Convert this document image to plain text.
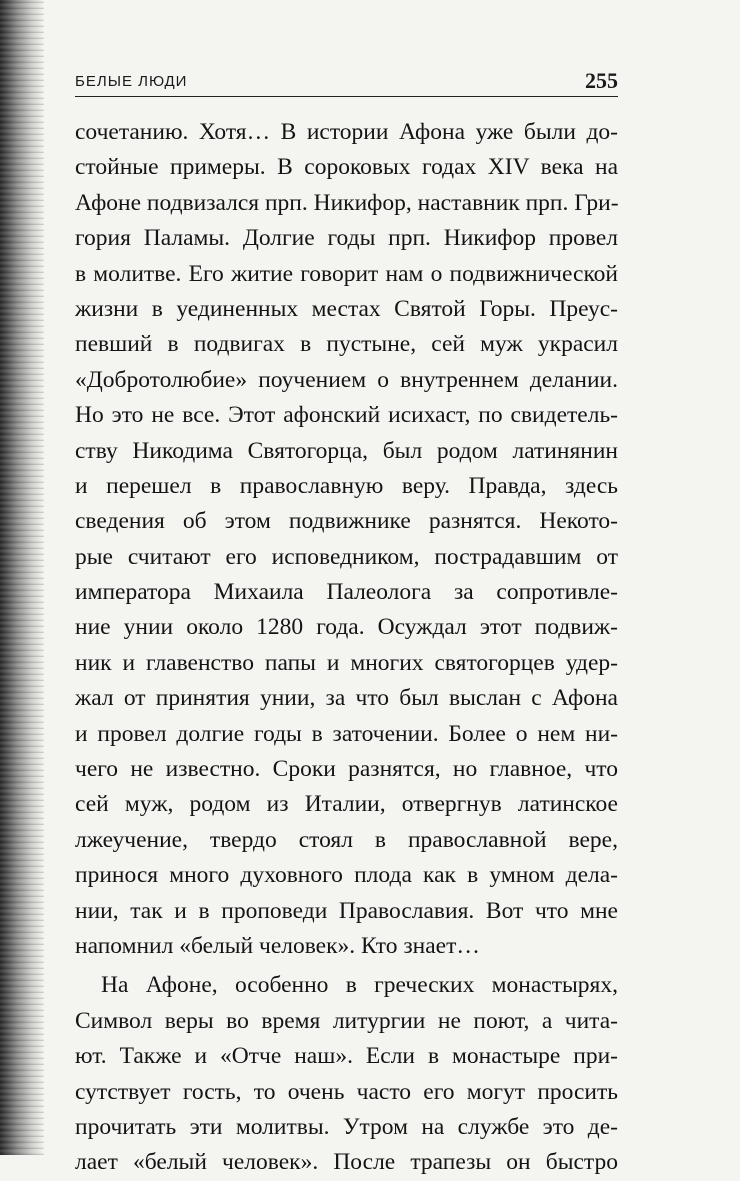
БЕЛЫЕ ЛЮДИ	255
сочетанию. Хотя… В истории Афона уже были до-
стойные примеры. В сороковых годах XIV века на
Афоне подвизался прп. Никифор, наставник прп. Гри-
гория Паламы. Долгие годы прп. Никифор провел
в молитве. Его житие говорит нам о подвижнической
жизни в уединенных местах Святой Горы. Преус-
певший в подвигах в пустыне, сей муж украсил
«Добротолюбие» поучением о внутреннем делании.
Но это не все. Этот афонский исихаст, по свидетель-
ству Никодима Святогорца, был родом латинянин
и перешел в православную веру. Правда, здесь
сведения об этом подвижнике разнятся. Некото-
рые считают его исповедником, пострадавшим от
императора Михаила Палеолога за сопротивле-
ние унии около 1280 года. Осуждал этот подвиж-
ник и главенство папы и многих святогорцев удер-
жал от принятия унии, за что был выслан с Афона
и провел долгие годы в заточении. Более о нем ни-
чего не известно. Сроки разнятся, но главное, что
сей муж, родом из Италии, отвергнув латинское
лжеучение, твердо стоял в православной вере,
принося много духовного плода как в умном дела-
нии, так и в проповеди Православия. Вот что мне
напомнил «белый человек». Кто знает…
На Афоне, особенно в греческих монастырях,
Символ веры во время литургии не поют, а чита-
ют. Также и «Отче наш». Если в монастыре при-
сутствует гость, то очень часто его могут просить
прочитать эти молитвы. Утром на службе это де-
лает «белый человек». После трапезы он быстро
